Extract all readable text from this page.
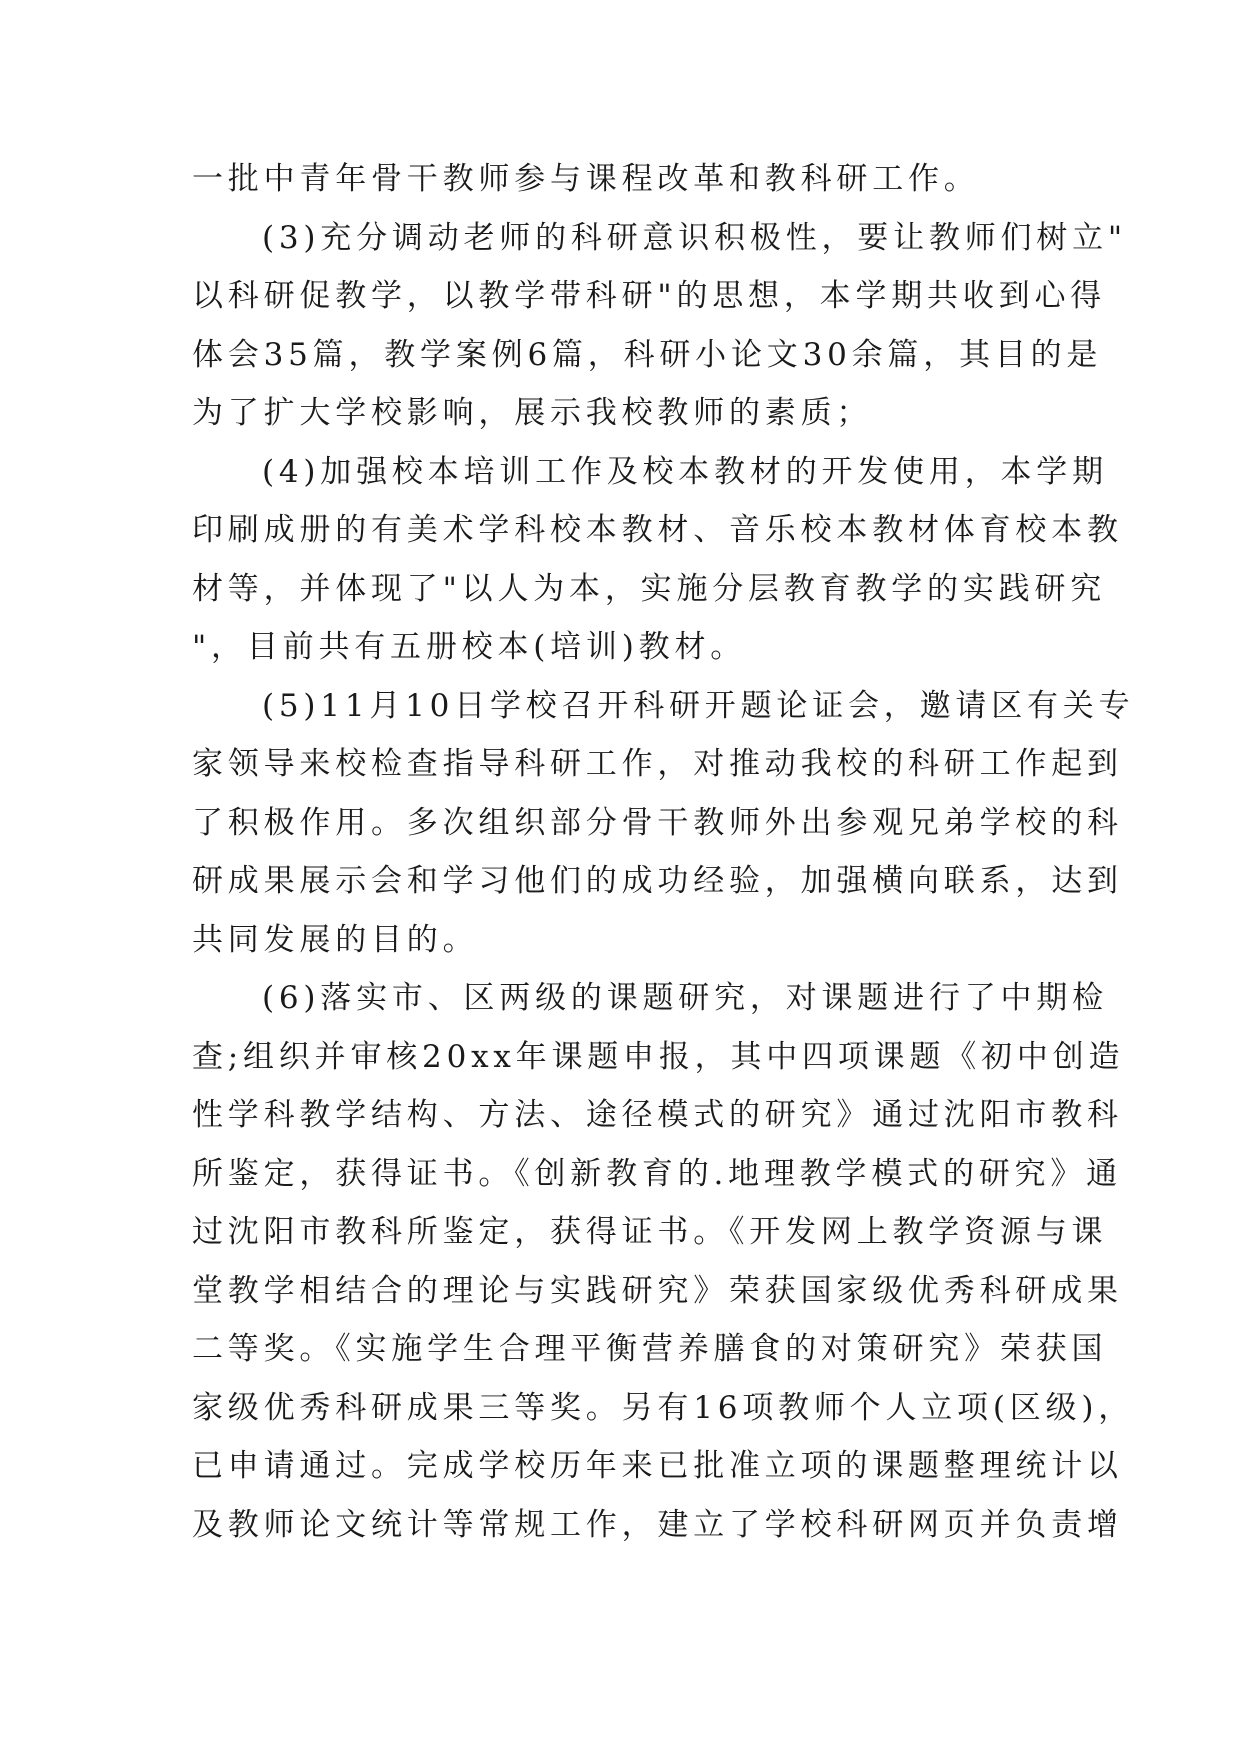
一批中青年骨干教师参与课程改革和教科研工作。
(3)充分调动老师的科研意识积极性，要让教师们树立"
以科研促教学，以教学带科研"的思想，本学期共收到心得
体会35篇，教学案例6篇，科研小论文30余篇，其目的是
为了扩大学校影响，展示我校教师的素质；
(4)加强校本培训工作及校本教材的开发使用，本学期
印刷成册的有美术学科校本教材、音乐校本教材体育校本教
材等，并体现了"以人为本，实施分层教育教学的实践研究
"，目前共有五册校本(培训)教材。
(5)11月10日学校召开科研开题论证会，邀请区有关专
家领导来校检查指导科研工作，对推动我校的科研工作起到
了积极作用。多次组织部分骨干教师外出参观兄弟学校的科
研成果展示会和学习他们的成功经验，加强横向联系，达到
共同发展的目的。
(6)落实市、区两级的课题研究，对课题进行了中期检
查;组织并审核20xx年课题申报，其中四项课题《初中创造
性学科教学结构、方法、途径模式的研究》通过沈阳市教科
所鉴定，获得证书。《创新教育的.地理教学模式的研究》通
过沈阳市教科所鉴定，获得证书。《开发网上教学资源与课
堂教学相结合的理论与实践研究》荣获国家级优秀科研成果
二等奖。《实施学生合理平衡营养膳食的对策研究》荣获国
家级优秀科研成果三等奖。另有16项教师个人立项(区级)，
已申请通过。完成学校历年来已批准立项的课题整理统计以
及教师论文统计等常规工作，建立了学校科研网页并负责增
